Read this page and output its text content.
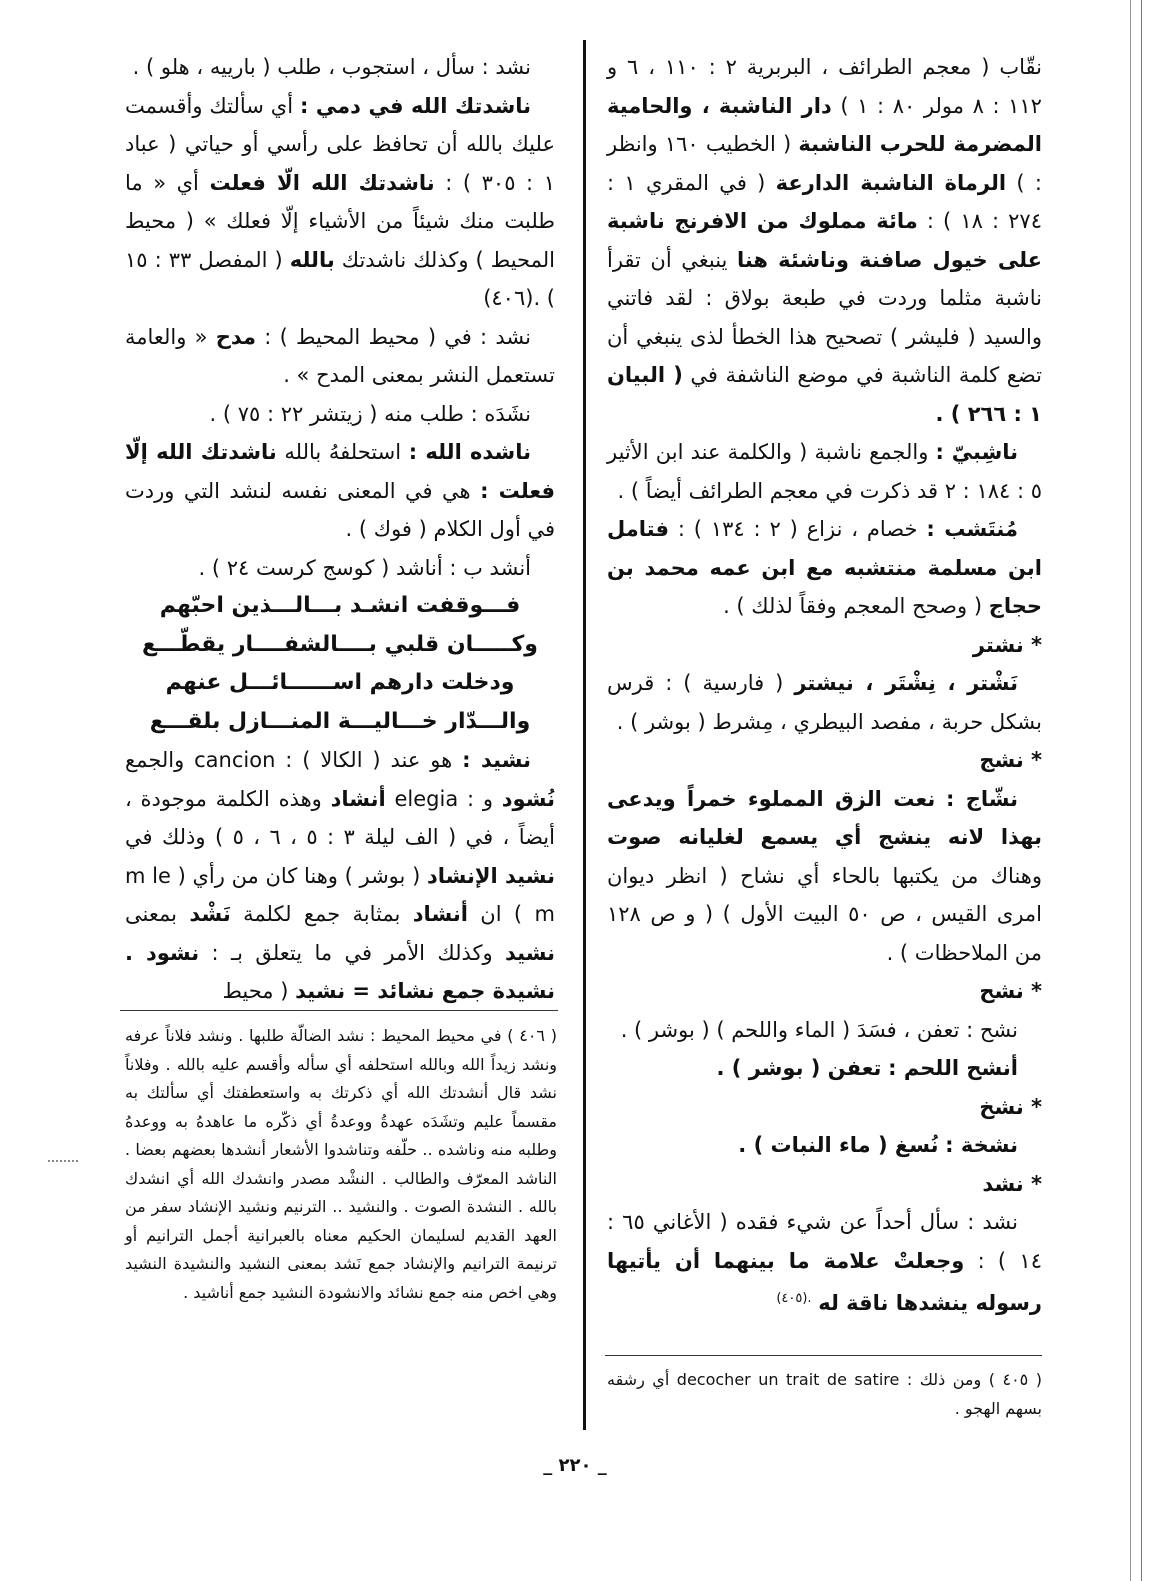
نقّاب ( معجم الطرائف ، البربرية ٢ : ١١٠ ، ٦ و ١١٢ : ٨ مولر ٨٠ : ١ ) دار الناشبة ، والحامية المضرمة للحرب الناشبة ( الخطيب ١٦٠ وانظر : ) الرماة الناشبة الدارعة ( في المقري ١ : ٢٧٤ : ١٨ ) : مائة مملوك من الافرنج ناشبة على خيول صافنة وناشئة هنا ينبغي أن تقرأ ناشبة مثلما وردت في طبعة بولاق : لقد فاتني والسيد ( فليشر ) تصحيح هذا الخطأ لذى ينبغي أن تضع كلمة الناشبة في موضع الناشفة في ( البيان ١ : ٢٦٦ ) .

ناشِبيّ : والجمع ناشبة ( والكلمة عند ابن الأثير ٥ : ١٨٤ : ٢ قد ذكرت في معجم الطرائف أيضاً ) .

مُنتَشب : خصام ، نزاع ( ٢ : ١٣٤ ) : فتامل ابن مسلمة منتشبه مع ابن عمه محمد بن حجاج ( وصحح المعجم وفقاً لذلك ) .

* نشتر

نَشْتر ، نِشْتَر ، نيشتر ( فارسية ) : قرس بشكل حربة ، مفصد البيطري ، مِشرط ( بوشر ) .

* نشج

نشّاج : نعت الزق المملوء خمراً ويدعى بهذا لانه ينشج أي يسمع لغليانه صوت وهناك من يكتبها بالحاء أي نشاح ( انظر ديوان امرى القيس ، ص ٥٠ البيت الأول ) ( و ص ١٢٨ من الملاحظات ) .

* نشح

نشح : تعفن ، فسَدَ ( الماء واللحم ) ( بوشر ) .

أنشح اللحم : تعفن ( بوشر ) .

* نشخ

نشخة : نُسغ ( ماء النبات ) .

* نشد

نشد : سأل أحداً عن شيء فقده ( الأغاني ٦٥ : ١٤ ) : وجعلتْ علامة ما بينهما أن يأتيها رسوله ينشدها ناقة له $^{.(٤٠٥)}$

نشد : سأل ، استجوب ، طلب ( بارييه ، هلو ) .

ناشدتك الله في دمي : أي سألتك وأقسمت عليك بالله أن تحافظ على رأسي أو حياتي ( عباد ١ : ٣٠٥ ) : ناشدتك الله الّا فعلت أي « ما طلبت منك شيئاً من الأشياء إلّا فعلك » ( محيط المحيط ) وكذلك ناشدتك بالله ( المفصل ٣٣ : ١٥ ) .(٤٠٦)

نشد : في ( محيط المحيط ) : مدح « والعامة تستعمل النشر بمعنى المدح » .

نشَدَه : طلب منه ( زيتشر ٢٢ : ٧٥ ) .

ناشده الله : استحلفهُ بالله ناشدتك الله إلّا فعلت : هي في المعنى نفسه لنشد التي وردت في أول الكلام ( فوك ) .

أنشد ب : أناشد ( كوسج كرست ٢٤ ) .

فـــوقفت انشـد بـــالـــذين احبّهم

وكـــــان قلبي بــــالشفــــار يقطّـــع

ودخلت دارهم اســــــائـــل عنهم

والـــدّار خـــاليـــة المنـــازل بلقـــع

نشيد : هو عند ( الكالا ) : cancion والجمع نُشود و : elegia أنشاد وهذه الكلمة موجودة ، أيضاً ، في ( الف ليلة ٣ : ٥ ، ٦ ، ٥ ) وذلك في نشيد الإنشاد ( بوشر ) وهنا كان من رأي ( m le m ) ان أنشاد بمثابة جمع لكلمة نَشْد بمعنى نشيد وكذلك الأمر في ما يتعلق بـ : نشود . نشيدة جمع نشائد = نشيد ( محيط

( ٤٠٦ ) في محيط المحيط : نشد الضالّة طلبها . ونشد فلاناً عرفه ونشد زيداً الله وبالله استحلفه أي سأله وأقسم عليه بالله . وفلاناً نشد قال أنشدتك الله أي ذكرتك به واستعطفتك أي سألتك به مقسماً عليم وتشَدَه عهدةُ ووعدةُ أي ذكّره ما عاهدهُ به ووعدهُ وطلبه منه وناشده .. حلّفه وتناشدوا الأشعار أنشدها بعضهم بعضا . الناشد المعرّف والطالب . النشْد مصدر وانشدك الله أي انشدك بالله . النشدة الصوت . والنشيد .. الترنيم ونشيد الإنشاد سفر من العهد القديم لسليمان الحكيم معناه بالعبرانية أجمل الترانيم أو ترنيمة الترانيم والإنشاد جمع نَشد بمعنى النشيد والنشيدة النشيد وهي اخص منه جمع نشائد والانشودة النشيد جمع أناشيد .

( ٤٠٥ ) ومن ذلك : decocher un trait de satire أي رشقه بسهم الهجو .

_ ٢٢٠ _
